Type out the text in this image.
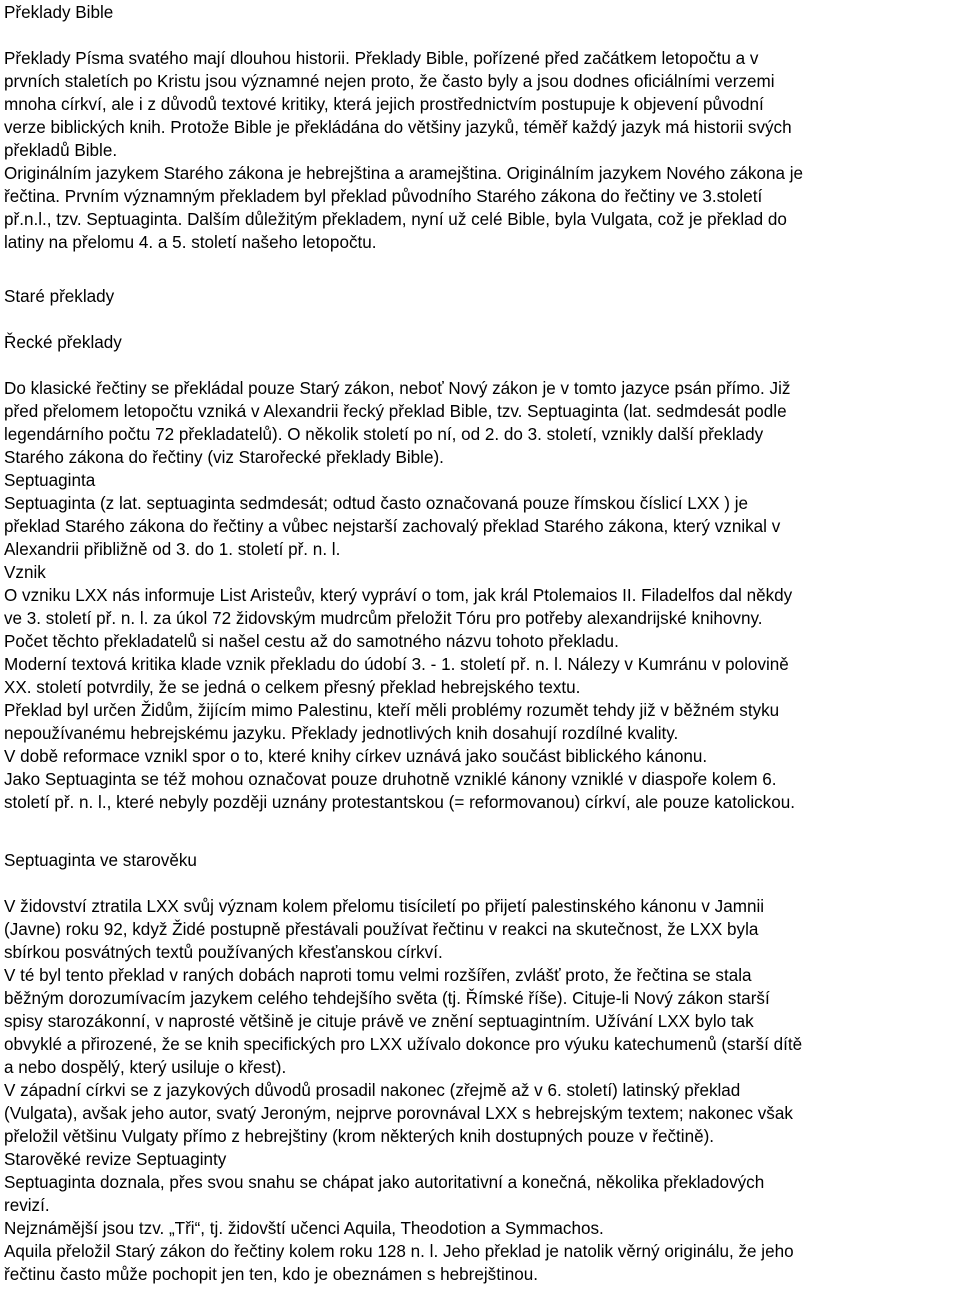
Překlady Bible
Překlady Písma svatého mají dlouhou historii. Překlady Bible, pořízené před začátkem letopočtu a v
prvních staletích po Kristu jsou významné nejen proto, že často byly a jsou dodnes oficiálními verzemi
mnoha církví, ale i z důvodů textové kritiky, která jejich prostřednictvím postupuje k objevení původní
verze biblických knih. Protože Bible je překládána do většiny jazyků, téměř každý jazyk má historii svých
překladů Bible.
Originálním jazykem Starého zákona je hebrejština a aramejština. Originálním jazykem Nového zákona je
řečtina. Prvním významným překladem byl překlad původního Starého zákona do řečtiny ve 3.století
př.n.l., tzv. Septuaginta. Dalším důležitým překladem, nyní už celé Bible, byla Vulgata, což je překlad do
latiny na přelomu 4. a 5. století našeho letopočtu.
Staré překlady
Řecké překlady
Do klasické řečtiny se překládal pouze Starý zákon, neboť Nový zákon je v tomto jazyce psán přímo. Již
před přelomem letopočtu vzniká v Alexandrii řecký překlad Bible, tzv. Septuaginta (lat. sedmdesát podle
legendárního počtu 72 překladatelů). O několik století po ní, od 2. do 3. století, vznikly další překlady
Starého zákona do řečtiny (viz Starořecké překlady Bible).
Septuaginta
Septuaginta (z lat. septuaginta sedmdesát; odtud často označovaná pouze římskou číslicí LXX ) je
překlad Starého zákona do řečtiny a vůbec nejstarší zachovalý překlad Starého zákona, který vznikal v
Alexandrii přibližně od 3. do 1. století př. n. l.
Vznik
O vzniku LXX nás informuje List Aristeův, který vypráví o tom, jak král Ptolemaios II. Filadelfos dal někdy
ve 3. století př. n. l. za úkol 72 židovským mudrcům přeložit Tóru pro potřeby alexandrijské knihovny.
Počet těchto překladatelů si našel cestu až do samotného názvu tohoto překladu.
Moderní textová kritika klade vznik překladu do údobí 3. - 1. století př. n. l. Nálezy v Kumránu v polovině
XX. století potvrdily, že se jedná o celkem přesný překlad hebrejského textu.
Překlad byl určen Židům, žijícím mimo Palestinu, kteří měli problémy rozumět tehdy již v běžném styku
nepoužívanému hebrejskému jazyku. Překlady jednotlivých knih dosahují rozdílné kvality.
V době reformace vznikl spor o to, které knihy církev uznává jako součást biblického kánonu.
Jako Septuaginta se též mohou označovat pouze druhotně vzniklé kánony vzniklé v diaspoře kolem 6.
století př. n. l., které nebyly později uznány protestantskou (= reformovanou) církví, ale pouze katolickou.
Septuaginta ve starověku
V židovství ztratila LXX svůj význam kolem přelomu tisíciletí po přijetí palestinského kánonu v Jamnii
(Javne) roku 92, když Židé postupně přestávali používat řečtinu v reakci na skutečnost, že LXX byla
sbírkou posvátných textů používaných křesťanskou církví.
V té byl tento překlad v raných dobách naproti tomu velmi rozšířen, zvlášť proto, že řečtina se stala
běžným dorozumívacím jazykem celého tehdejšího světa (tj. Římské říše). Cituje-li Nový zákon starší
spisy starozákonní, v naprosté většině je cituje právě ve znění septuagintním. Užívání LXX bylo tak
obvyklé a přirozené, že se knih specifických pro LXX užívalo dokonce pro výuku katechumenů (starší dítě
a nebo dospělý, který usiluje o křest).
V západní církvi se z jazykových důvodů prosadil nakonec (zřejmě až v 6. století) latinský překlad
(Vulgata), avšak jeho autor, svatý Jeroným, nejprve porovnával LXX s hebrejským textem; nakonec však
přeložil většinu Vulgaty přímo z hebrejštiny (krom některých knih dostupných pouze v řečtině).
Starověké revize Septuaginty
Septuaginta doznala, přes svou snahu se chápat jako autoritativní a konečná, několika překladových
revizí.
Nejznámější jsou tzv. „Tři“, tj. židovští učenci Aquila, Theodotion a Symmachos.
Aquila přeložil Starý zákon do řečtiny kolem roku 128 n. l. Jeho překlad je natolik věrný originálu, že jeho
řečtinu často může pochopit jen ten, kdo je obeznámen s hebrejštinou.
